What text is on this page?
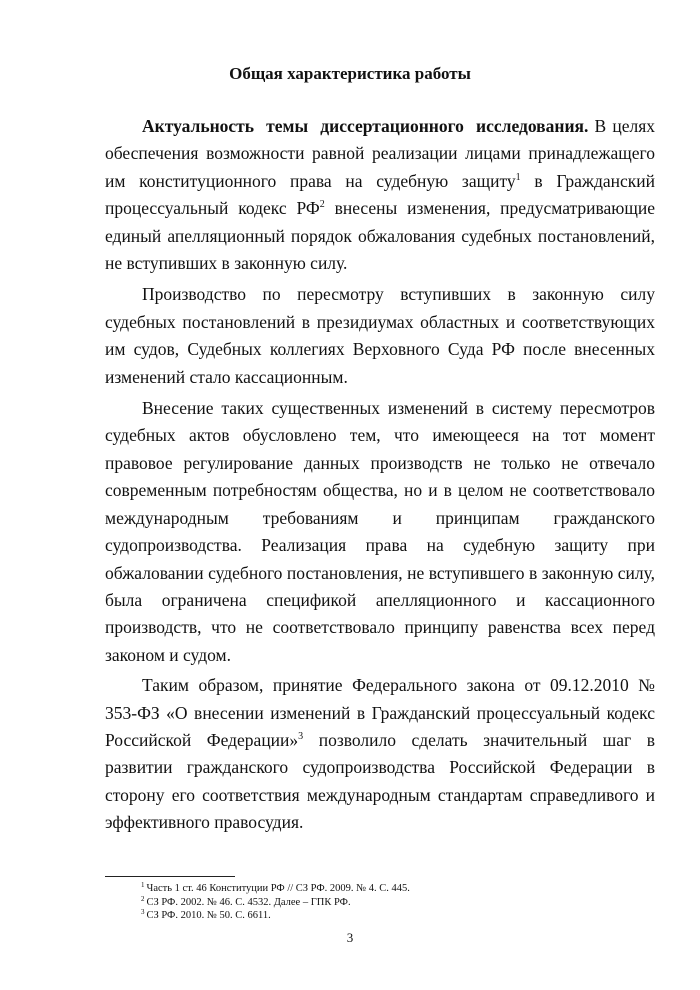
Общая характеристика работы

Актуальность темы диссертационного исследования. В целях обеспечения возможности равной реализации лицами принадлежащего им конституционного права на судебную защиту$^1$ в Гражданский процессуальный кодекс $РФ^2$ внесены изменения, предусматривающие единый апелляционный порядок обжалования судебных постановлений, не вступивших в законную силу.

Производство по пересмотру вступивших в законную силу судебных постановлений в президиумах областных и соответствующих им судов, Судебных коллегиях Верховного Суда РФ после внесенных изменений стало кассационным.

Внесение таких существенных изменений в систему пересмотров судебных актов обусловлено тем, что имеющееся на тот момент правовое регулирование данных производств не только не отвечало современным потребностям общества, но и в целом не соответствовало международным требованиям и принципам гражданского судопроизводства. Реализация права на судебную защиту при обжаловании судебного постановления, не вступившего в законную силу, была ограничена спецификой апелляционного и кассационного производств, что не соответствовало принципу равенства всех перед законом и судом.

Таким образом, принятие Федерального закона от 09.12.2010 № 353-ФЗ «О внесении изменений в Гражданский процессуальный кодекс Российской Федерации»$^3$ позволило сделать значительный шаг в развитии гражданского судопроизводства Российской Федерации в сторону его соответствия международным стандартам справедливого и эффективного правосудия.

$^1$ Часть 1 ст. 46 Конституции РФ // СЗ РФ. 2009. № 4. С. 445.
$^2$ СЗ РФ. 2002. № 46. С. 4532. Далее – ГПК РФ.
$^3$ СЗ РФ. 2010. № 50. С. 6611.
3
